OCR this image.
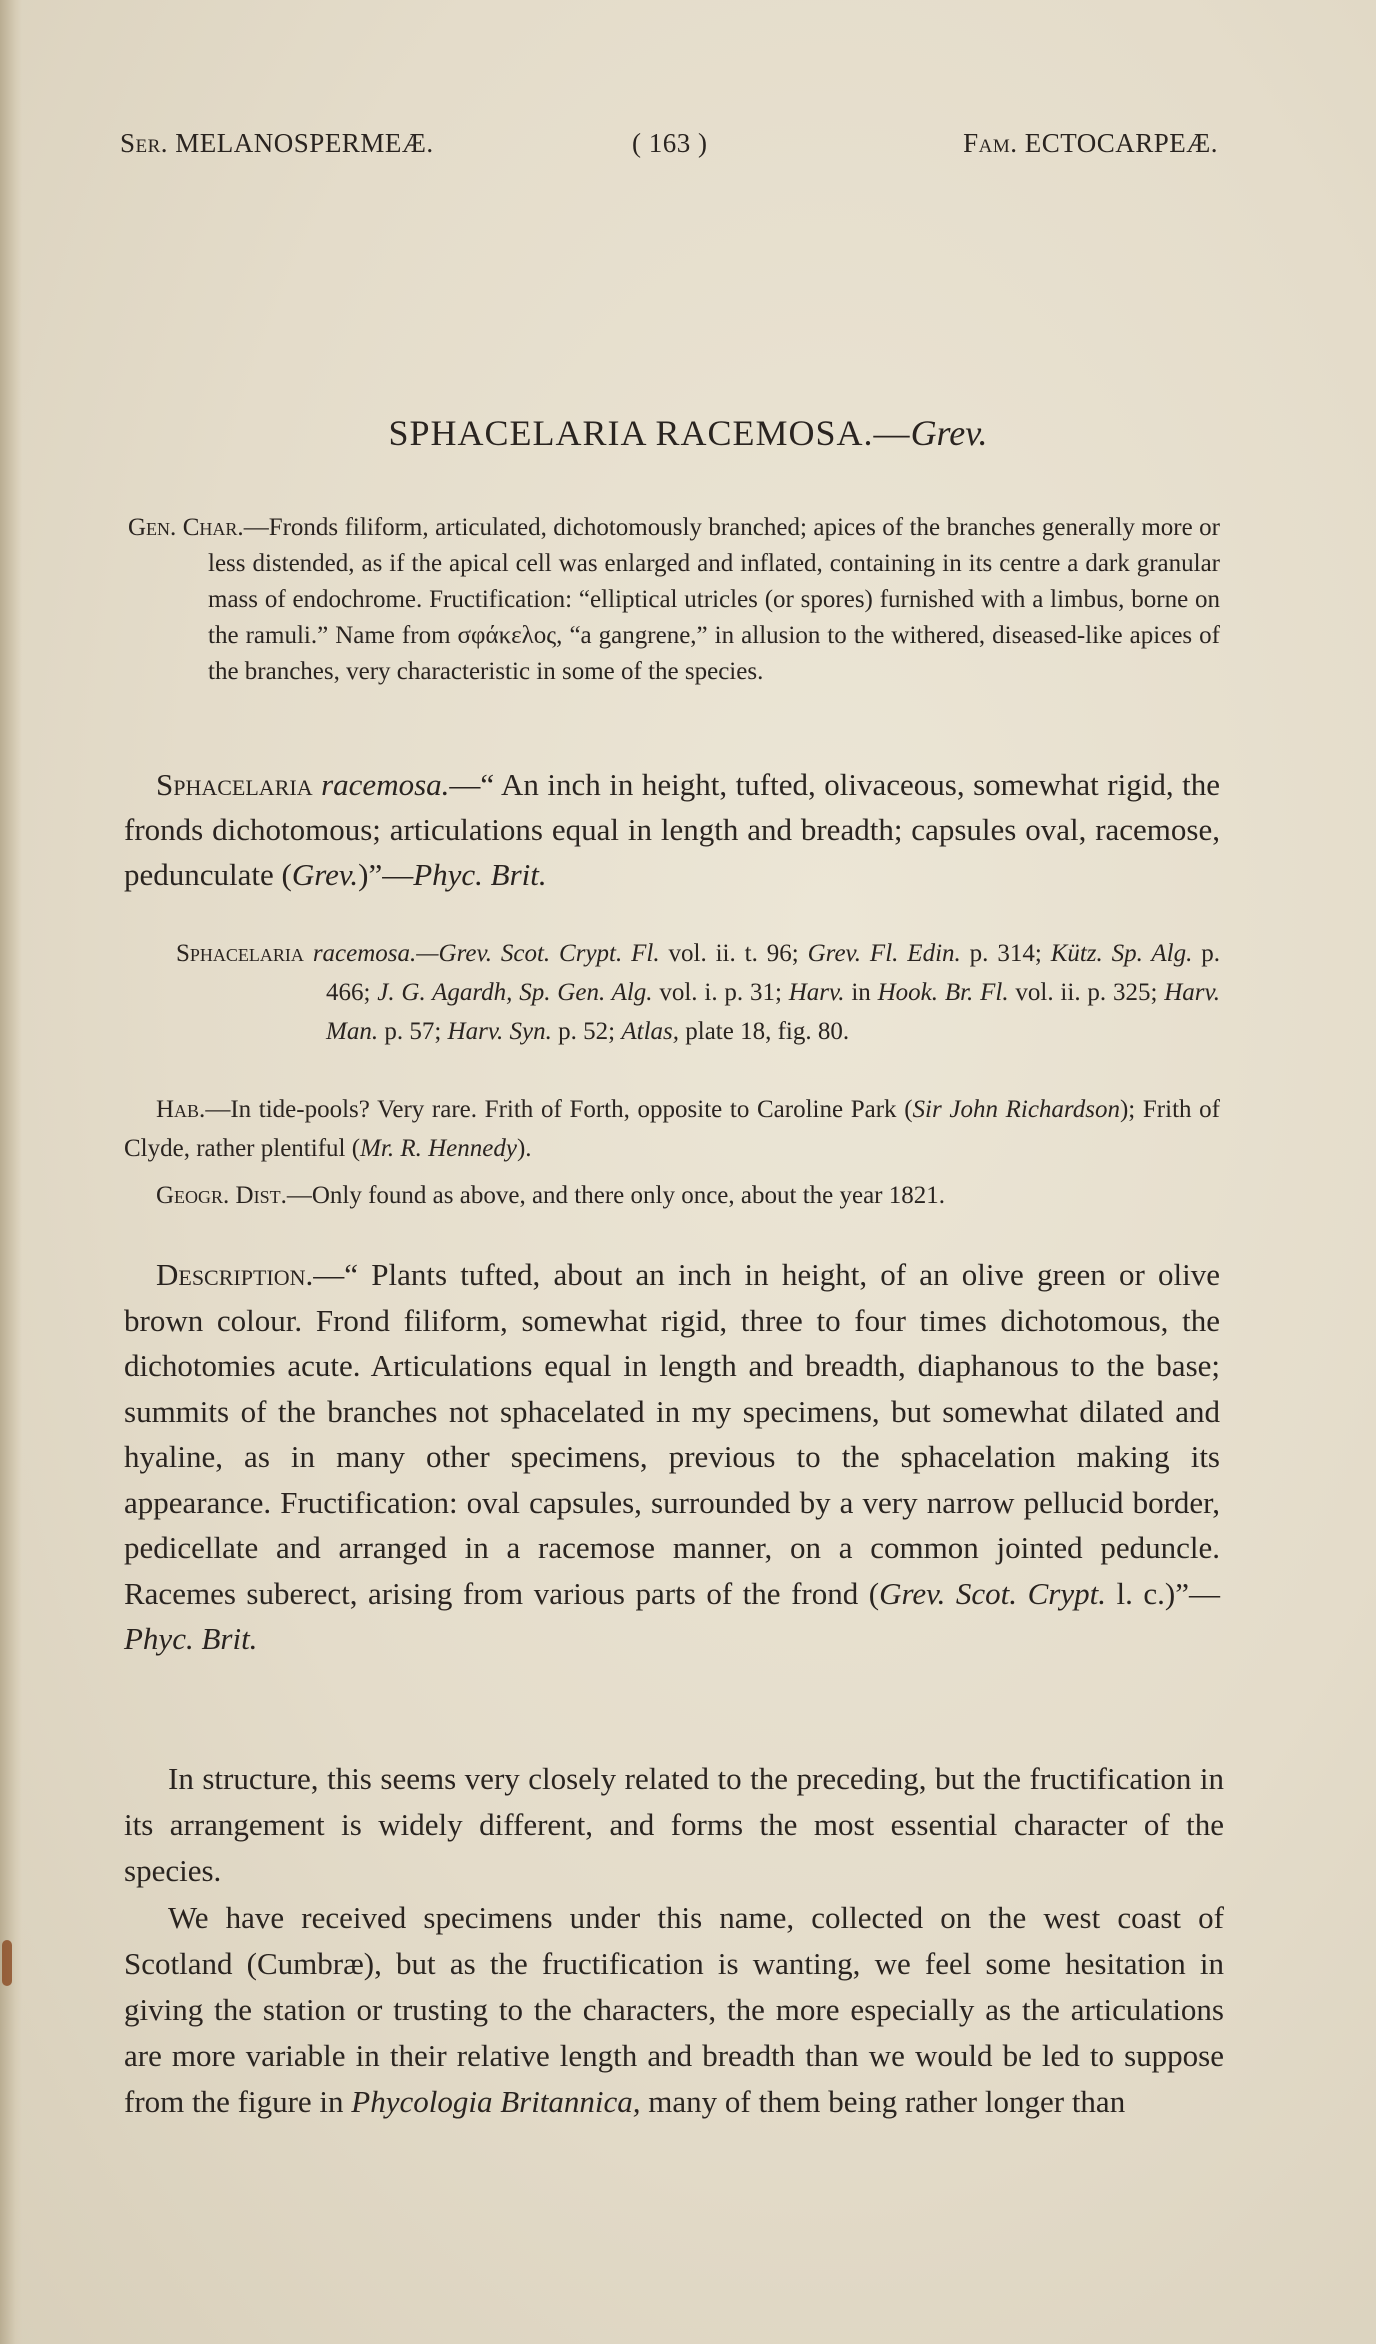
Ser. MELANOSPERMEÆ.	( 163 )	Fam. ECTOCARPEÆ.
SPHACELARIA RACEMOSA.—Grev.
Gen. Char.—Fronds filiform, articulated, dichotomously branched; apices of the branches generally more or less distended, as if the apical cell was enlarged and inflated, containing in its centre a dark granular mass of endochrome. Fructification: “elliptical utricles (or spores) furnished with a limbus, borne on the ramuli.” Name from σφάκελος, “a gangrene,” in allusion to the withered, diseased-like apices of the branches, very characteristic in some of the species.
Sphacelaria racemosa.—“ An inch in height, tufted, olivaceous, somewhat rigid, the fronds dichotomous; articulations equal in length and breadth; capsules oval, racemose, pedunculate (Grev.)”—Phyc. Brit.
Sphacelaria racemosa.—Grev. Scot. Crypt. Fl. vol. ii. t. 96; Grev. Fl. Edin. p. 314; Kütz. Sp. Alg. p. 466; J. G. Agardh, Sp. Gen. Alg. vol. i. p. 31; Harv. in Hook. Br. Fl. vol. ii. p. 325; Harv. Man. p. 57; Harv. Syn. p. 52; Atlas, plate 18, fig. 80.
Hab.—In tide-pools? Very rare. Frith of Forth, opposite to Caroline Park (Sir John Richardson); Frith of Clyde, rather plentiful (Mr. R. Hennedy).
Geogr. Dist.—Only found as above, and there only once, about the year 1821.
Description.—“ Plants tufted, about an inch in height, of an olive green or olive brown colour. Frond filiform, somewhat rigid, three to four times dichotomous, the dichotomies acute. Articulations equal in length and breadth, diaphanous to the base; summits of the branches not sphacelated in my specimens, but somewhat dilated and hyaline, as in many other specimens, previous to the sphacelation making its appearance. Fructification: oval capsules, surrounded by a very narrow pellucid border, pedicellate and arranged in a racemose manner, on a common jointed peduncle. Racemes suberect, arising from various parts of the frond (Grev. Scot. Crypt. l. c.)”—Phyc. Brit.
In structure, this seems very closely related to the preceding, but the fructification in its arrangement is widely different, and forms the most essential character of the species.
We have received specimens under this name, collected on the west coast of Scotland (Cumbræ), but as the fructification is wanting, we feel some hesitation in giving the station or trusting to the characters, the more especially as the articulations are more variable in their relative length and breadth than we would be led to suppose from the figure in Phycologia Britannica, many of them being rather longer than
